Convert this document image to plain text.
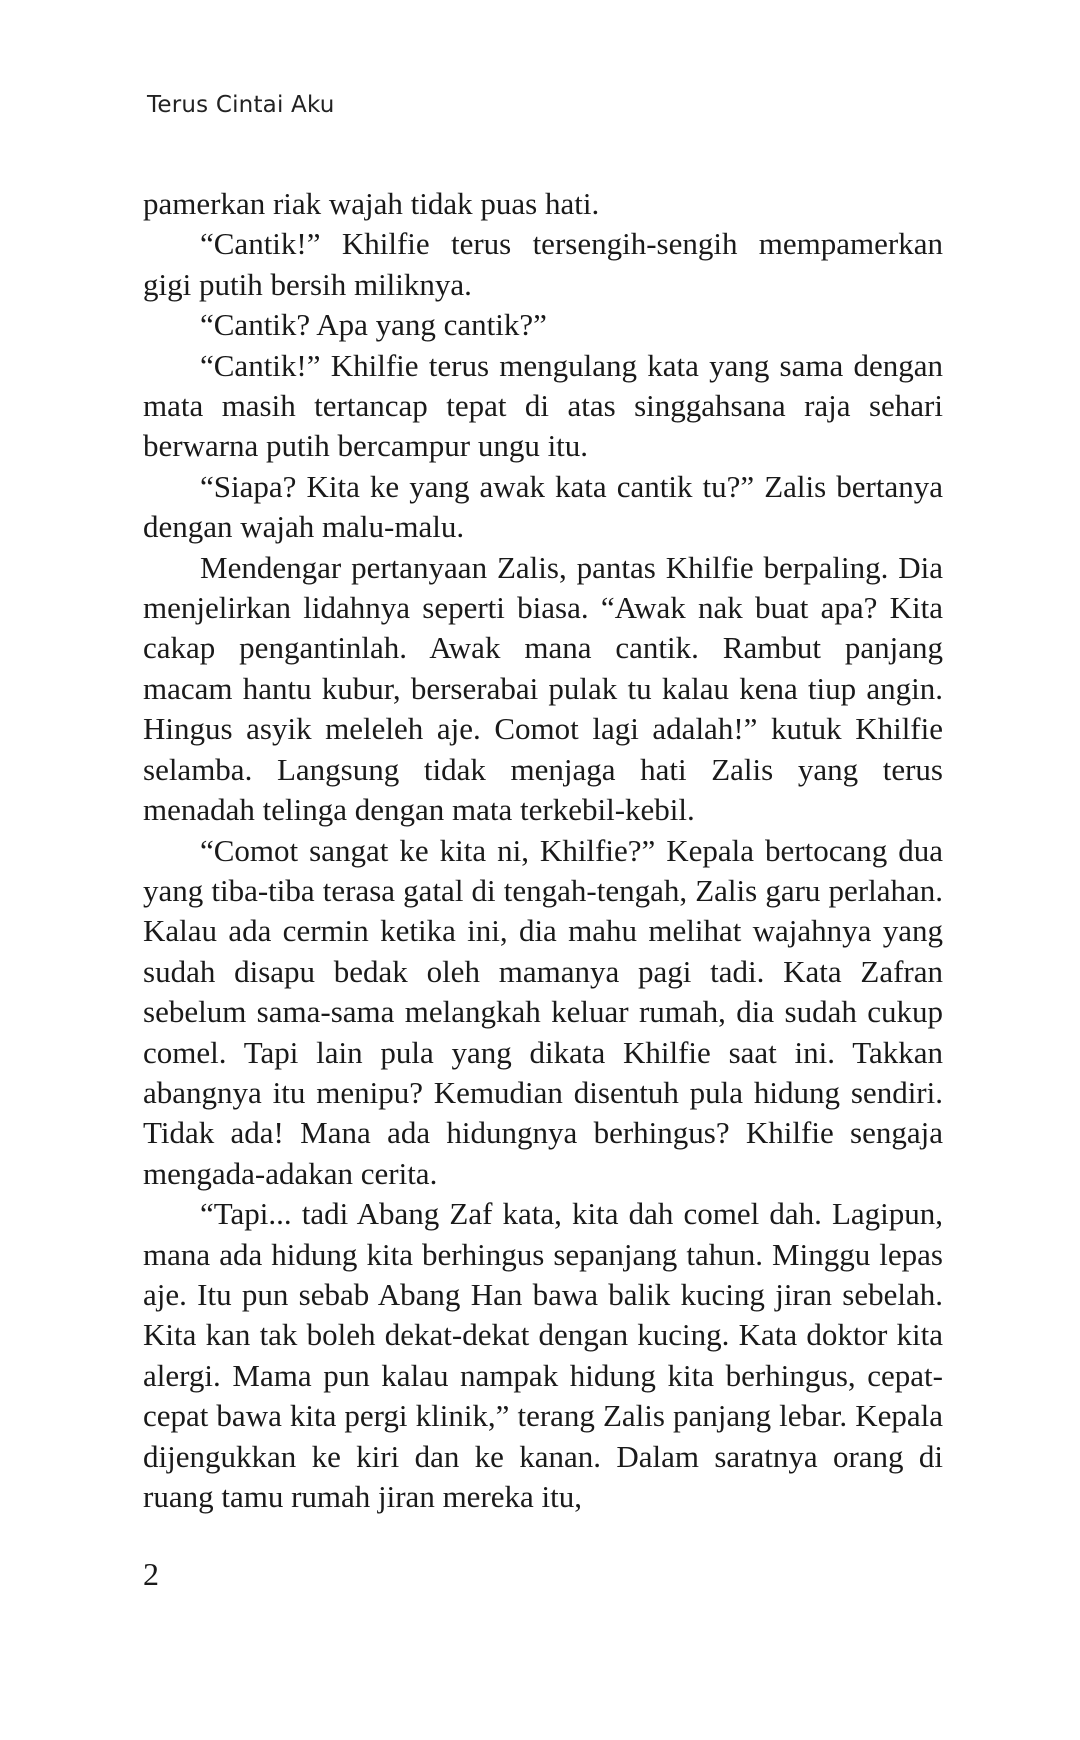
Terus Cintai Aku

pamerkan riak wajah tidak puas hati.

“Cantik!” Khilfie terus tersengih-sengih mempamerkan gigi putih bersih miliknya.

“Cantik? Apa yang cantik?”

“Cantik!” Khilfie terus mengulang kata yang sama dengan mata masih tertancap tepat di atas singgahsana raja sehari berwarna putih bercampur ungu itu.

“Siapa? Kita ke yang awak kata cantik tu?” Zalis bertanya dengan wajah malu-malu.

Mendengar pertanyaan Zalis, pantas Khilfie berpaling. Dia menjelirkan lidahnya seperti biasa. “Awak nak buat apa? Kita cakap pengantinlah. Awak mana cantik. Rambut panjang macam hantu kubur, berserabai pulak tu kalau kena tiup angin. Hingus asyik meleleh aje. Comot lagi adalah!” kutuk Khilfie selamba. Langsung tidak menjaga hati Zalis yang terus menadah telinga dengan mata terkebil-kebil.

“Comot sangat ke kita ni, Khilfie?” Kepala bertocang dua yang tiba-tiba terasa gatal di tengah-tengah, Zalis garu perlahan. Kalau ada cermin ketika ini, dia mahu melihat wajahnya yang sudah disapu bedak oleh mamanya pagi tadi. Kata Zafran sebelum sama-sama melangkah keluar rumah, dia sudah cukup comel. Tapi lain pula yang dikata Khilfie saat ini. Takkan abangnya itu menipu? Kemudian disentuh pula hidung sendiri. Tidak ada! Mana ada hidungnya berhingus? Khilfie sengaja mengada-adakan cerita.

“Tapi... tadi Abang Zaf kata, kita dah comel dah. Lagipun, mana ada hidung kita berhingus sepanjang tahun. Minggu lepas aje. Itu pun sebab Abang Han bawa balik kucing jiran sebelah. Kita kan tak boleh dekat-dekat dengan kucing. Kata doktor kita alergi. Mama pun kalau nampak hidung kita berhingus, cepat-cepat bawa kita pergi klinik,” terang Zalis panjang lebar. Kepala dijengukkan ke kiri dan ke kanan. Dalam saratnya orang di ruang tamu rumah jiran mereka itu,

2
